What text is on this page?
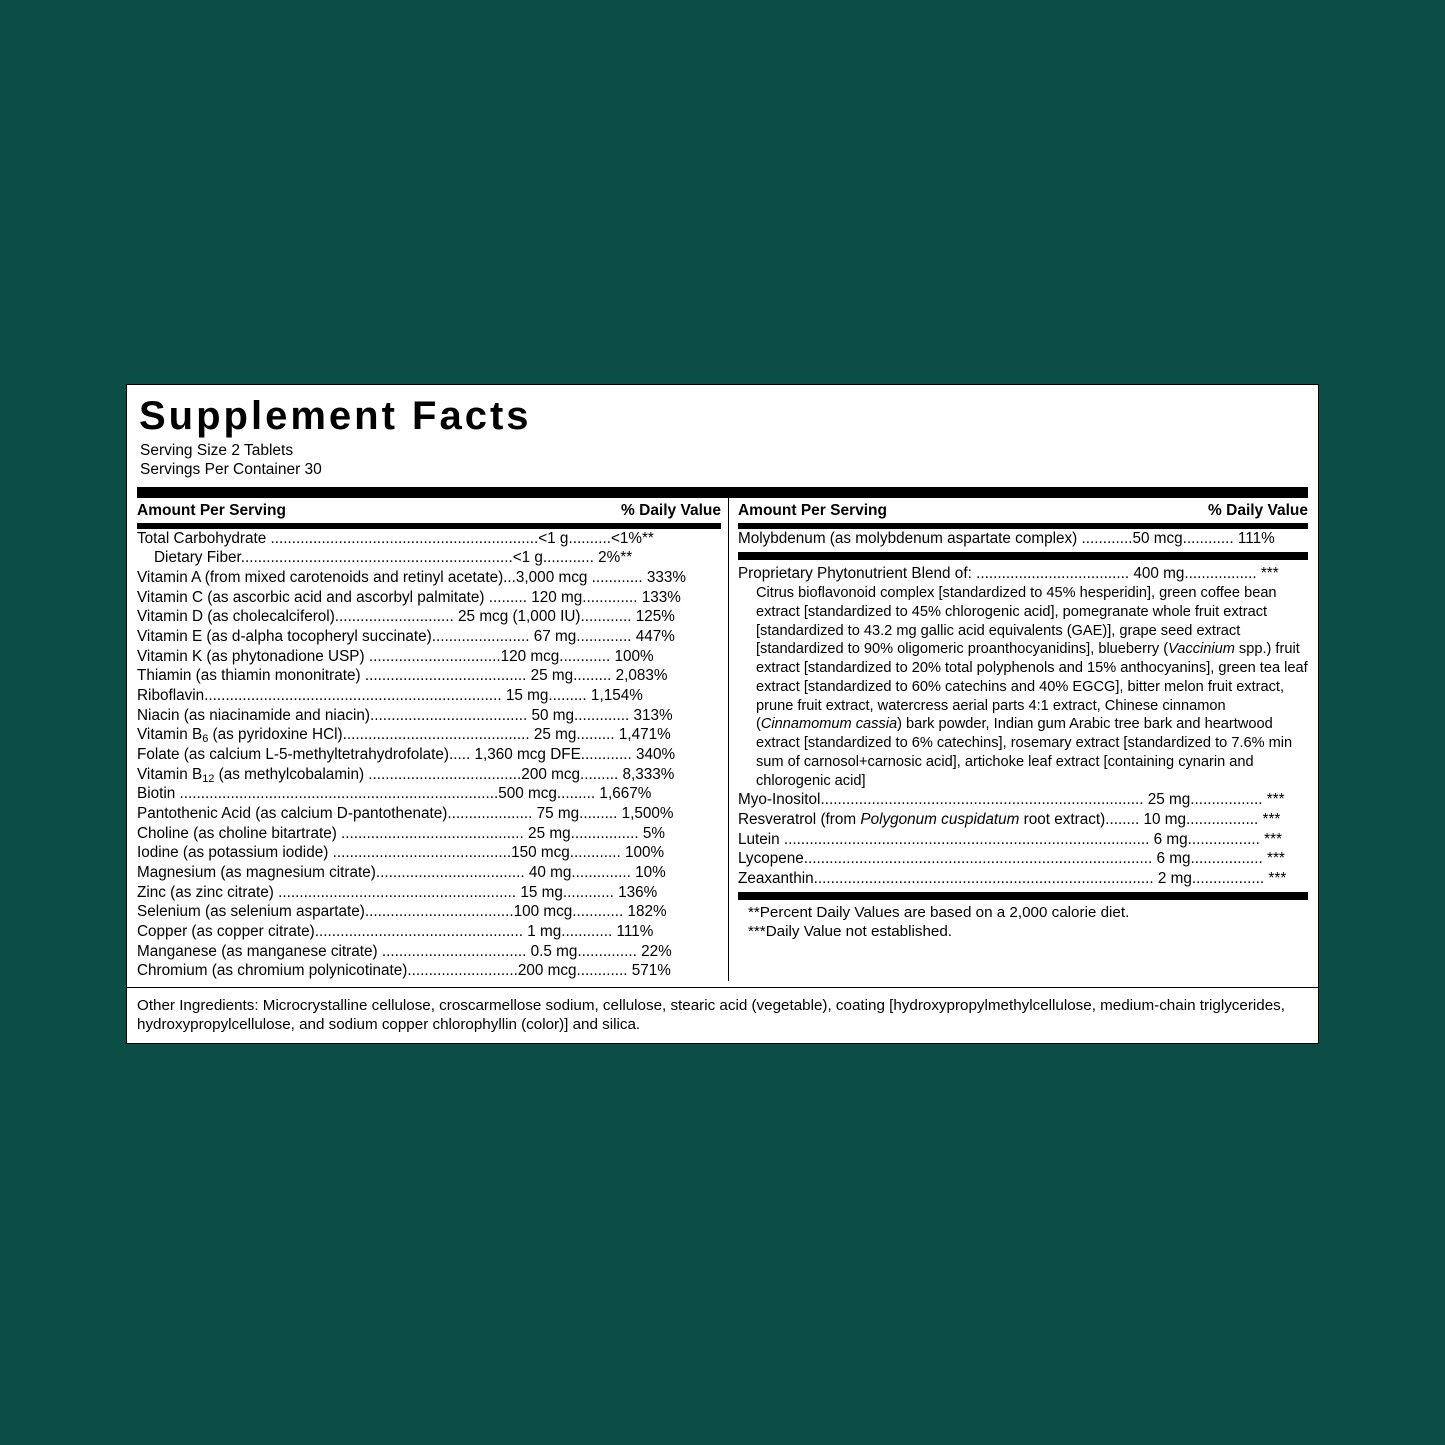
Supplement Facts
Serving Size 2 Tablets
Servings Per Container 30
Amount Per Serving	% Daily Value
Total Carbohydrate ...............................................................<1 g..........<1%**
Dietary Fiber................................................................<1 g............ 2%**
Vitamin A (from mixed carotenoids and retinyl acetate)...3,000 mcg ............ 333%
Vitamin C (as ascorbic acid and ascorbyl palmitate) ......... 120 mg............. 133%
Vitamin D (as cholecalciferol)............................ 25 mcg (1,000 IU)............ 125%
Vitamin E (as d-alpha tocopheryl succinate)....................... 67 mg............. 447%
Vitamin K (as phytonadione USP) ...............................120 mcg............ 100%
Thiamin (as thiamin mononitrate) ...................................... 25 mg......... 2,083%
Riboflavin...................................................................... 15 mg......... 1,154%
Niacin (as niacinamide and niacin)..................................... 50 mg............. 313%
Vitamin $B_6$ (as pyridoxine HCl)............................................ 25 mg......... 1,471%
Folate (as calcium L-5-methyltetrahydrofolate)..... 1,360 mcg DFE............ 340%
Vitamin $B_{12}$ (as methylcobalamin) ....................................200 mcg......... 8,333%
Biotin ...........................................................................500 mcg......... 1,667%
Pantothenic Acid (as calcium D-pantothenate).................... 75 mg......... 1,500%
Choline (as choline bitartrate) ........................................... 25 mg................ 5%
Iodine (as potassium iodide) ..........................................150 mcg............ 100%
Magnesium (as magnesium citrate)................................... 40 mg.............. 10%
Zinc (as zinc citrate) ........................................................ 15 mg............ 136%
Selenium (as selenium aspartate)...................................100 mcg............ 182%
Copper (as copper citrate)................................................. 1 mg............ 111%
Manganese (as manganese citrate) .................................. 0.5 mg.............. 22%
Chromium (as chromium polynicotinate)..........................200 mcg............ 571%
Amount Per Serving	% Daily Value
Molybdenum (as molybdenum aspartate complex) ............50 mcg............ 111%
Proprietary Phytonutrient Blend of: .................................... 400 mg................. ***
Citrus bioflavonoid complex [standardized to 45% hesperidin], green coffee bean extract [standardized to 45% chlorogenic acid], pomegranate whole fruit extract [standardized to 43.2 mg gallic acid equivalents (GAE)], grape seed extract [standardized to 90% oligomeric proanthocyanidins], blueberry (Vaccinium spp.) fruit extract [standardized to 20% total polyphenols and 15% anthocyanins], green tea leaf extract [standardized to 60% catechins and 40% EGCG], bitter melon fruit extract, prune fruit extract, watercress aerial parts 4:1 extract, Chinese cinnamon (Cinnamomum cassia) bark powder, Indian gum Arabic tree bark and heartwood extract [standardized to 6% catechins], rosemary extract [standardized to 7.6% min sum of carnosol+carnosic acid], artichoke leaf extract [containing cynarin and chlorogenic acid]
Myo-Inositol............................................................................ 25 mg................. ***
Resveratrol (from Polygonum cuspidatum root extract)........ 10 mg................. ***
Lutein ...................................................................................... 6 mg................. ***
Lycopene.................................................................................. 6 mg................. ***
Zeaxanthin................................................................................ 2 mg................. ***
**Percent Daily Values are based on a 2,000 calorie diet.
***Daily Value not established.
Other Ingredients: Microcrystalline cellulose, croscarmellose sodium, cellulose, stearic acid (vegetable), coating [hydroxypropylmethylcellulose, medium-chain triglycerides, hydroxypropylcellulose, and sodium copper chlorophyllin (color)] and silica.
